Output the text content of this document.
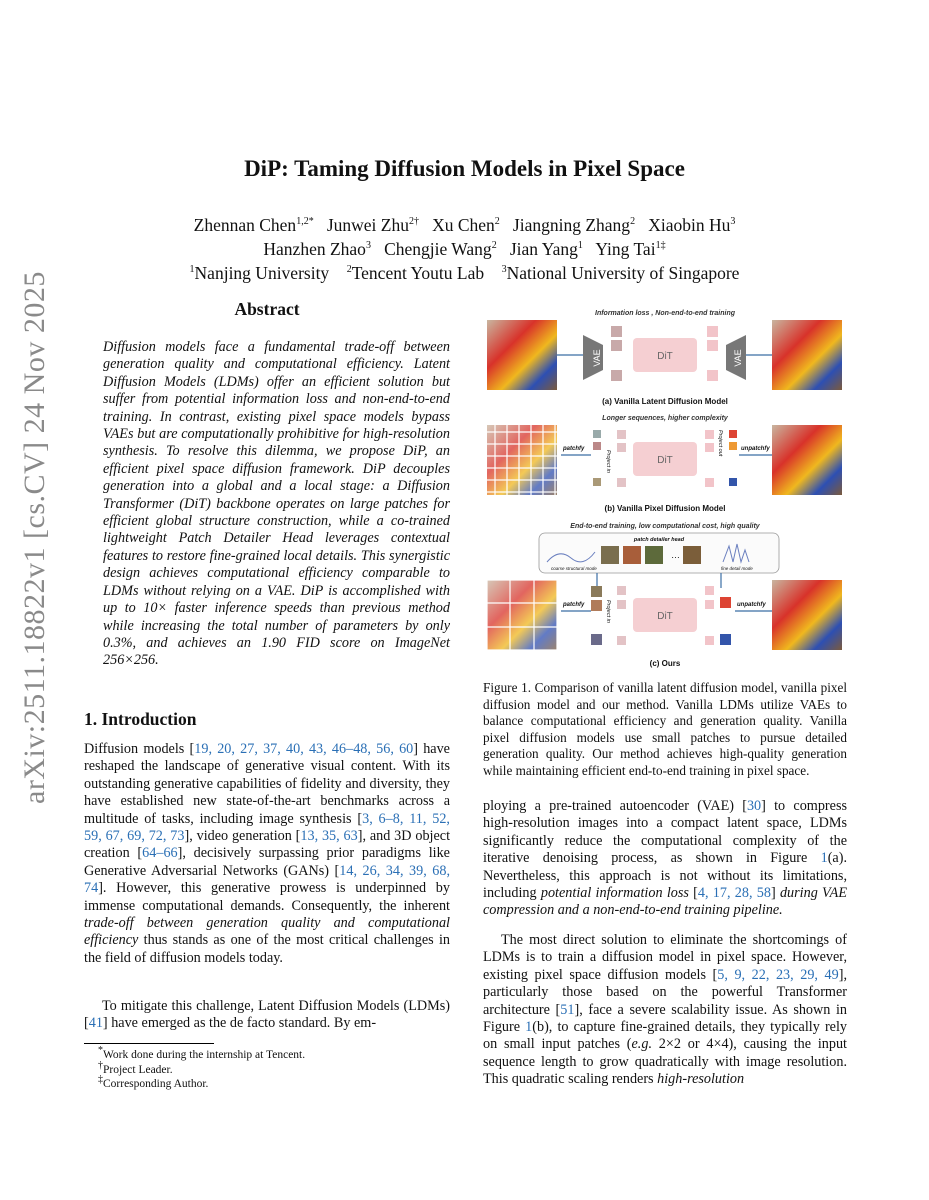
arXiv:2511.18822v1 [cs.CV] 24 Nov 2025
DiP: Taming Diffusion Models in Pixel Space
Zhennan Chen$^{1,2*}$ Junwei Zhu$^{2\dagger}$ Xu Chen$^2$ Jiangning Zhang$^2$ Xiaobin Hu$^3$
Hanzhen Zhao$^3$ Chengjie Wang$^2$ Jian Yang$^1$ Ying Tai$^{1\ddagger}$
$^1$Nanjing University $^2$Tencent Youtu Lab $^3$National University of Singapore
Abstract
Diffusion models face a fundamental trade-off between generation quality and computational efficiency. Latent Diffusion Models (LDMs) offer an efficient solution but suffer from potential information loss and non-end-to-end training. In contrast, existing pixel space models bypass VAEs but are computationally prohibitive for high-resolution synthesis. To resolve this dilemma, we propose DiP, an efficient pixel space diffusion framework. DiP decouples generation into a global and a local stage: a Diffusion Transformer (DiT) backbone operates on large patches for efficient global structure construction, while a co-trained lightweight Patch Detailer Head leverages contextual features to restore fine-grained local details. This synergistic design achieves computational efficiency comparable to LDMs without relying on a VAE. DiP is accomplished with up to 10× faster inference speeds than previous method while increasing the total number of parameters by only 0.3%, and achieves an 1.90 FID score on ImageNet 256×256.
1. Introduction
Diffusion models [19, 20, 27, 37, 40, 43, 46–48, 56, 60] have reshaped the landscape of generative visual content. With its outstanding generative capabilities of fidelity and diversity, they have established new state-of-the-art benchmarks across a multitude of tasks, including image synthesis [3, 6–8, 11, 52, 59, 67, 69, 72, 73], video generation [13, 35, 63], and 3D object creation [64–66], decisively surpassing prior paradigms like Generative Adversarial Networks (GANs) [14, 26, 34, 39, 68, 74]. However, this generative prowess is underpinned by immense computational demands. Consequently, the inherent trade-off between generation quality and computational efficiency thus stands as one of the most critical challenges in the field of diffusion models today.
To mitigate this challenge, Latent Diffusion Models (LDMs) [41] have emerged as the de facto standard. By em-
*Work done during the internship at Tencent.
†Project Leader.
‡Corresponding Author.
Information loss , Non-end-to-end training
VAE	DiT	VAE
(a) Vanilla Latent Diffusion Model
Longer sequences, higher complexity
patchfy
Project in	DiT
Project out	unpatchfy
(b) Vanilla Pixel Diffusion Model
End-to-end training, low computational cost, high quality
patch detailer head
coarse structural mode
…
fine detail mode
patchfy	Project in	DiT
unpatchfy
(c) Ours
Figure 1. Comparison of vanilla latent diffusion model, vanilla pixel diffusion model and our method. Vanilla LDMs utilize VAEs to balance computational efficiency and generation quality. Vanilla pixel diffusion models use small patches to pursue detailed generation quality. Our method achieves high-quality generation while maintaining efficient end-to-end training in pixel space.
ploying a pre-trained autoencoder (VAE) [30] to compress high-resolution images into a compact latent space, LDMs significantly reduce the computational complexity of the iterative denoising process, as shown in Figure 1(a). Nevertheless, this approach is not without its limitations, including potential information loss [4, 17, 28, 58] during VAE compression and a non-end-to-end training pipeline.
The most direct solution to eliminate the shortcomings of LDMs is to train a diffusion model in pixel space. However, existing pixel space diffusion models [5, 9, 22, 23, 29, 49], particularly those based on the powerful Transformer architecture [51], face a severe scalability issue. As shown in Figure 1(b), to capture fine-grained details, they typically rely on small input patches (e.g. 2×2 or 4×4), causing the input sequence length to grow quadratically with image resolution. This quadratic scaling renders high-resolution
